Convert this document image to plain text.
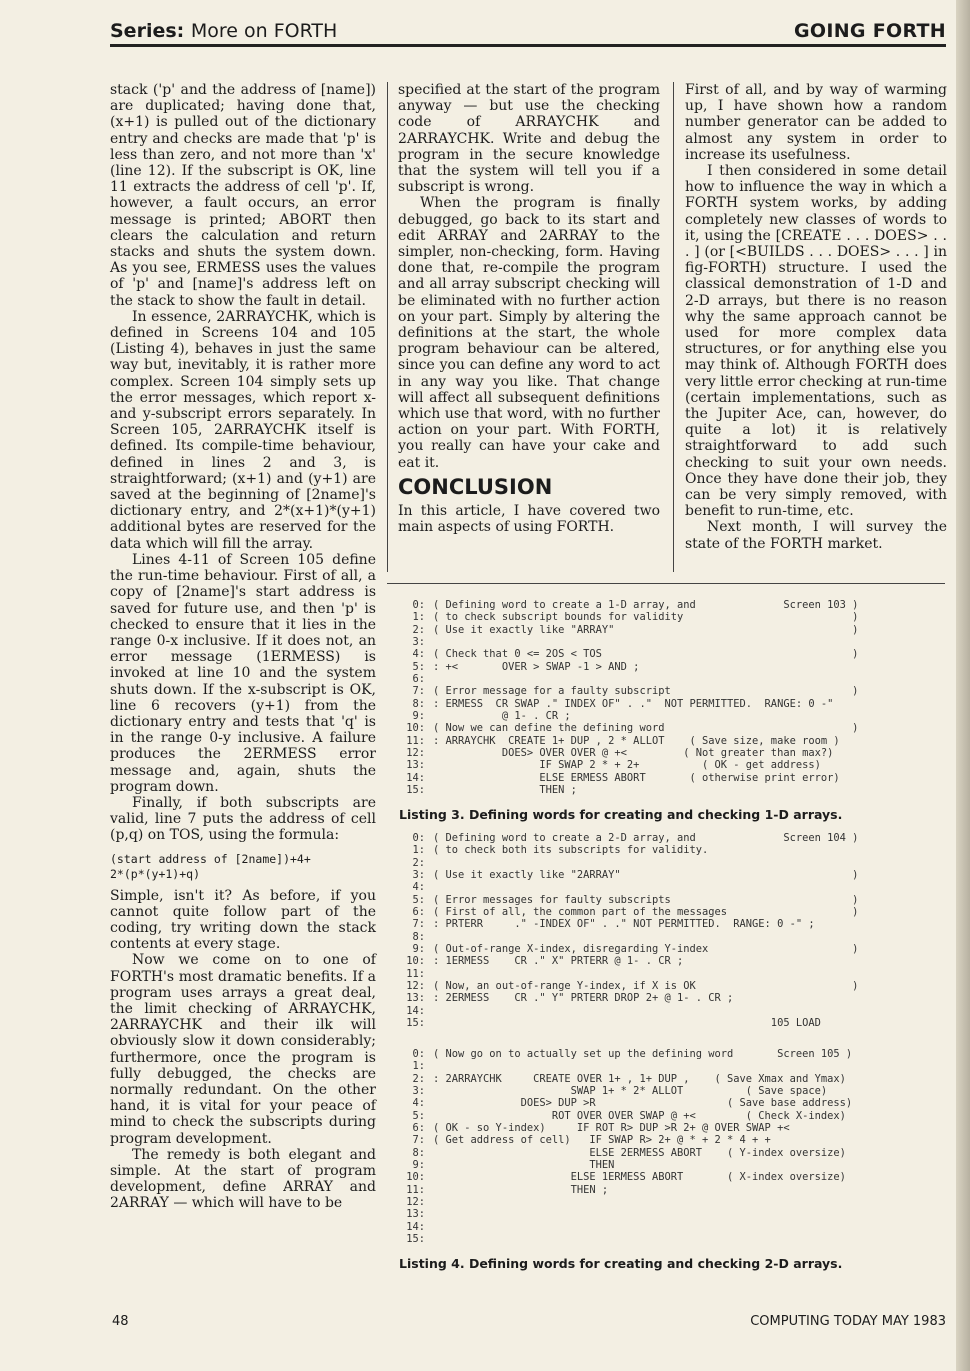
Series: More on FORTH	GOING FORTH

stack ('p' and the address of [name]) are duplicated; having done that, (x+1) is pulled out of the dictionary entry and checks are made that 'p' is less than zero, and not more than 'x' (line 12). If the subscript is OK, line 11 extracts the address of cell 'p'. If, however, a fault occurs, an error message is printed; ABORT then clears the calculation and return stacks and shuts the system down. As you see, ERMESS uses the values of 'p' and [name]'s address left on the stack to show the fault in detail.

In essence, 2ARRAYCHK, which is defined in Screens 104 and 105 (Listing 4), behaves in just the same way but, inevitably, it is rather more complex. Screen 104 simply sets up the error messages, which report x- and y-subscript errors separately. In Screen 105, 2ARRAYCHK itself is defined. Its compile-time behaviour, defined in lines 2 and 3, is straightforward; (x+1) and (y+1) are saved at the beginning of [2name]'s dictionary entry, and 2*(x+1)*(y+1) additional bytes are reserved for the data which will fill the array.

Lines 4-11 of Screen 105 define the run-time behaviour. First of all, a copy of [2name]'s start address is saved for future use, and then 'p' is checked to ensure that it lies in the range 0-x inclusive. If it does not, an error message (1ERMESS) is invoked at line 10 and the system shuts down. If the x-subscript is OK, line 6 recovers (y+1) from the dictionary entry and tests that 'q' is in the range 0-y inclusive. A failure produces the 2ERMESS error message and, again, shuts the program down.

Finally, if both subscripts are valid, line 7 puts the address of cell (p,q) on TOS, using the formula:

(start address of [2name])+4+
2*(p*(y+1)+q)

Simple, isn't it? As before, if you cannot quite follow part of the coding, try writing down the stack contents at every stage.

Now we come on to one of FORTH's most dramatic benefits. If a program uses arrays a great deal, the limit checking of ARRAYCHK, 2ARRAYCHK and their ilk will obviously slow it down considerably; furthermore, once the program is fully debugged, the checks are normally redundant. On the other hand, it is vital for your peace of mind to check the subscripts during program development.

The remedy is both elegant and simple. At the start of program development, define ARRAY and 2ARRAY — which will have to be

specified at the start of the program anyway — but use the checking code of ARRAYCHK and 2ARRAYCHK. Write and debug the program in the secure knowledge that the system will tell you if a subscript is wrong.

When the program is finally debugged, go back to its start and edit ARRAY and 2ARRAY to the simpler, non-checking, form. Having done that, re-compile the program and all array subscript checking will be eliminated with no further action on your part. Simply by altering the definitions at the start, the whole program behaviour can be altered, since you can define any word to act in any way you like. That change will affect all subsequent definitions which use that word, with no further action on your part. With FORTH, you really can have your cake and eat it.

CONCLUSION

In this article, I have covered two main aspects of using FORTH.

First of all, and by way of warming up, I have shown how a random number generator can be added to almost any system in order to increase its usefulness.

I then considered in some detail how to influence the way in which a FORTH system works, by adding completely new classes of words to it, using the [CREATE . . . DOES> . . . ] (or [<BUILDS . . . DOES> . . . ] in fig-FORTH) structure. I used the classical demonstration of 1-D and 2-D arrays, but there is no reason why the same approach cannot be used for more complex data structures, or for anything else you may think of. Although FORTH does very little error checking at run-time (certain implementations, such as the Jupiter Ace, can, however, do quite a lot) it is relatively straightforward to add such checking to suit your own needs. Once they have done their job, they can be very simply removed, with benefit to run-time, etc.

Next month, I will survey the state of the FORTH market.

0: ( Defining word to create a 1-D array, and              Screen 103 )
1: ( to check subscript bounds for validity                           )
2: ( Use it exactly like "ARRAY"                                      )
3:
4: ( Check that 0 <= 2OS < TOS                                        )
5: : +<       OVER > SWAP -1 > AND ;
6:
7: ( Error message for a faulty subscript                             )
8: : ERMESS  CR SWAP ." INDEX OF" . ."  NOT PERMITTED.  RANGE: 0 -"
9: @ 1- . CR ;
10: ( Now we can define the defining word                              )
11: : ARRAYCHK  CREATE 1+ DUP , 2 * ALLOT    ( Save size, make room )
12: DOES> OVER OVER @ +<         ( Not greater than max?)
13: IF SWAP 2 * + 2+          ( OK - get address)
14: ELSE ERMESS ABORT       ( otherwise print error)
15: THEN ;
Listing 3. Defining words for creating and checking 1-D arrays.
0: ( Defining word to create a 2-D array, and              Screen 104 )
1: ( to check both its subscripts for validity.
2:
3: ( Use it exactly like "2ARRAY"                                     )
4:
5: ( Error messages for faulty subscripts                             )
6: ( First of all, the common part of the messages                    )
7: : PRTERR     ." -INDEX OF" . ." NOT PERMITTED.  RANGE: 0 -" ;
8:
9: ( Out-of-range X-index, disregarding Y-index                       )
10: : 1ERMESS    CR ." X" PRTERR @ 1- . CR ;
11:
12: ( Now, an out-of-range Y-index, if X is OK                         )
13: : 2ERMESS    CR ." Y" PRTERR DROP 2+ @ 1- . CR ;
14:
15: 105 LOAD
0: ( Now go on to actually set up the defining word       Screen 105 )
1:
2: : 2ARRAYCHK     CREATE OVER 1+ , 1+ DUP ,    ( Save Xmax and Ymax)
3: SWAP 1+ * 2* ALLOT          ( Save space)
4: DOES> DUP >R                     ( Save base address)
5: ROT OVER OVER SWAP @ +<        ( Check X-index)
6: ( OK - so Y-index)     IF ROT R> DUP >R 2+ @ OVER SWAP +<
7: ( Get address of cell)   IF SWAP R> 2+ @ * + 2 * 4 + +
8: ELSE 2ERMESS ABORT    ( Y-index oversize)
9: THEN
10: ELSE 1ERMESS ABORT       ( X-index oversize)
11: THEN ;
12:
13:
14:
15:
Listing 4. Defining words for creating and checking 2-D arrays.
48	COMPUTING TODAY MAY 1983
